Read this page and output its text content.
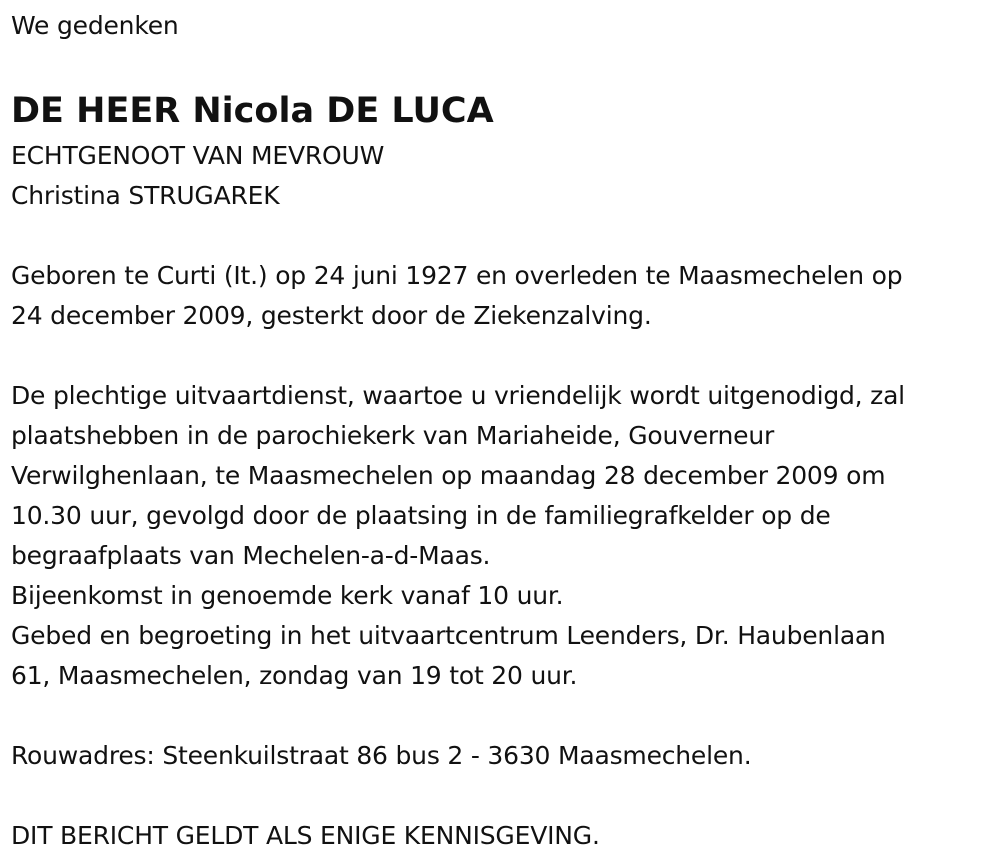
We gedenken

DE HEER Nicola DE LUCA

ECHTGENOOT VAN MEVROUW

Christina STRUGAREK

Geboren te Curti (It.) op 24 juni 1927 en overleden te Maasmechelen op

24 december 2009, gesterkt door de Ziekenzalving.

De plechtige uitvaartdienst, waartoe u vriendelijk wordt uitgenodigd, zal

plaatshebben in de parochiekerk van Mariaheide, Gouverneur

Verwilghenlaan, te Maasmechelen op maandag 28 december 2009 om

10.30 uur, gevolgd door de plaatsing in de familiegrafkelder op de

begraafplaats van Mechelen-a-d-Maas.

Bijeenkomst in genoemde kerk vanaf 10 uur.

Gebed en begroeting in het uitvaartcentrum Leenders, Dr. Haubenlaan

61, Maasmechelen, zondag van 19 tot 20 uur.

Rouwadres: Steenkuilstraat 86 bus 2 - 3630 Maasmechelen.

DIT BERICHT GELDT ALS ENIGE KENNISGEVING.
